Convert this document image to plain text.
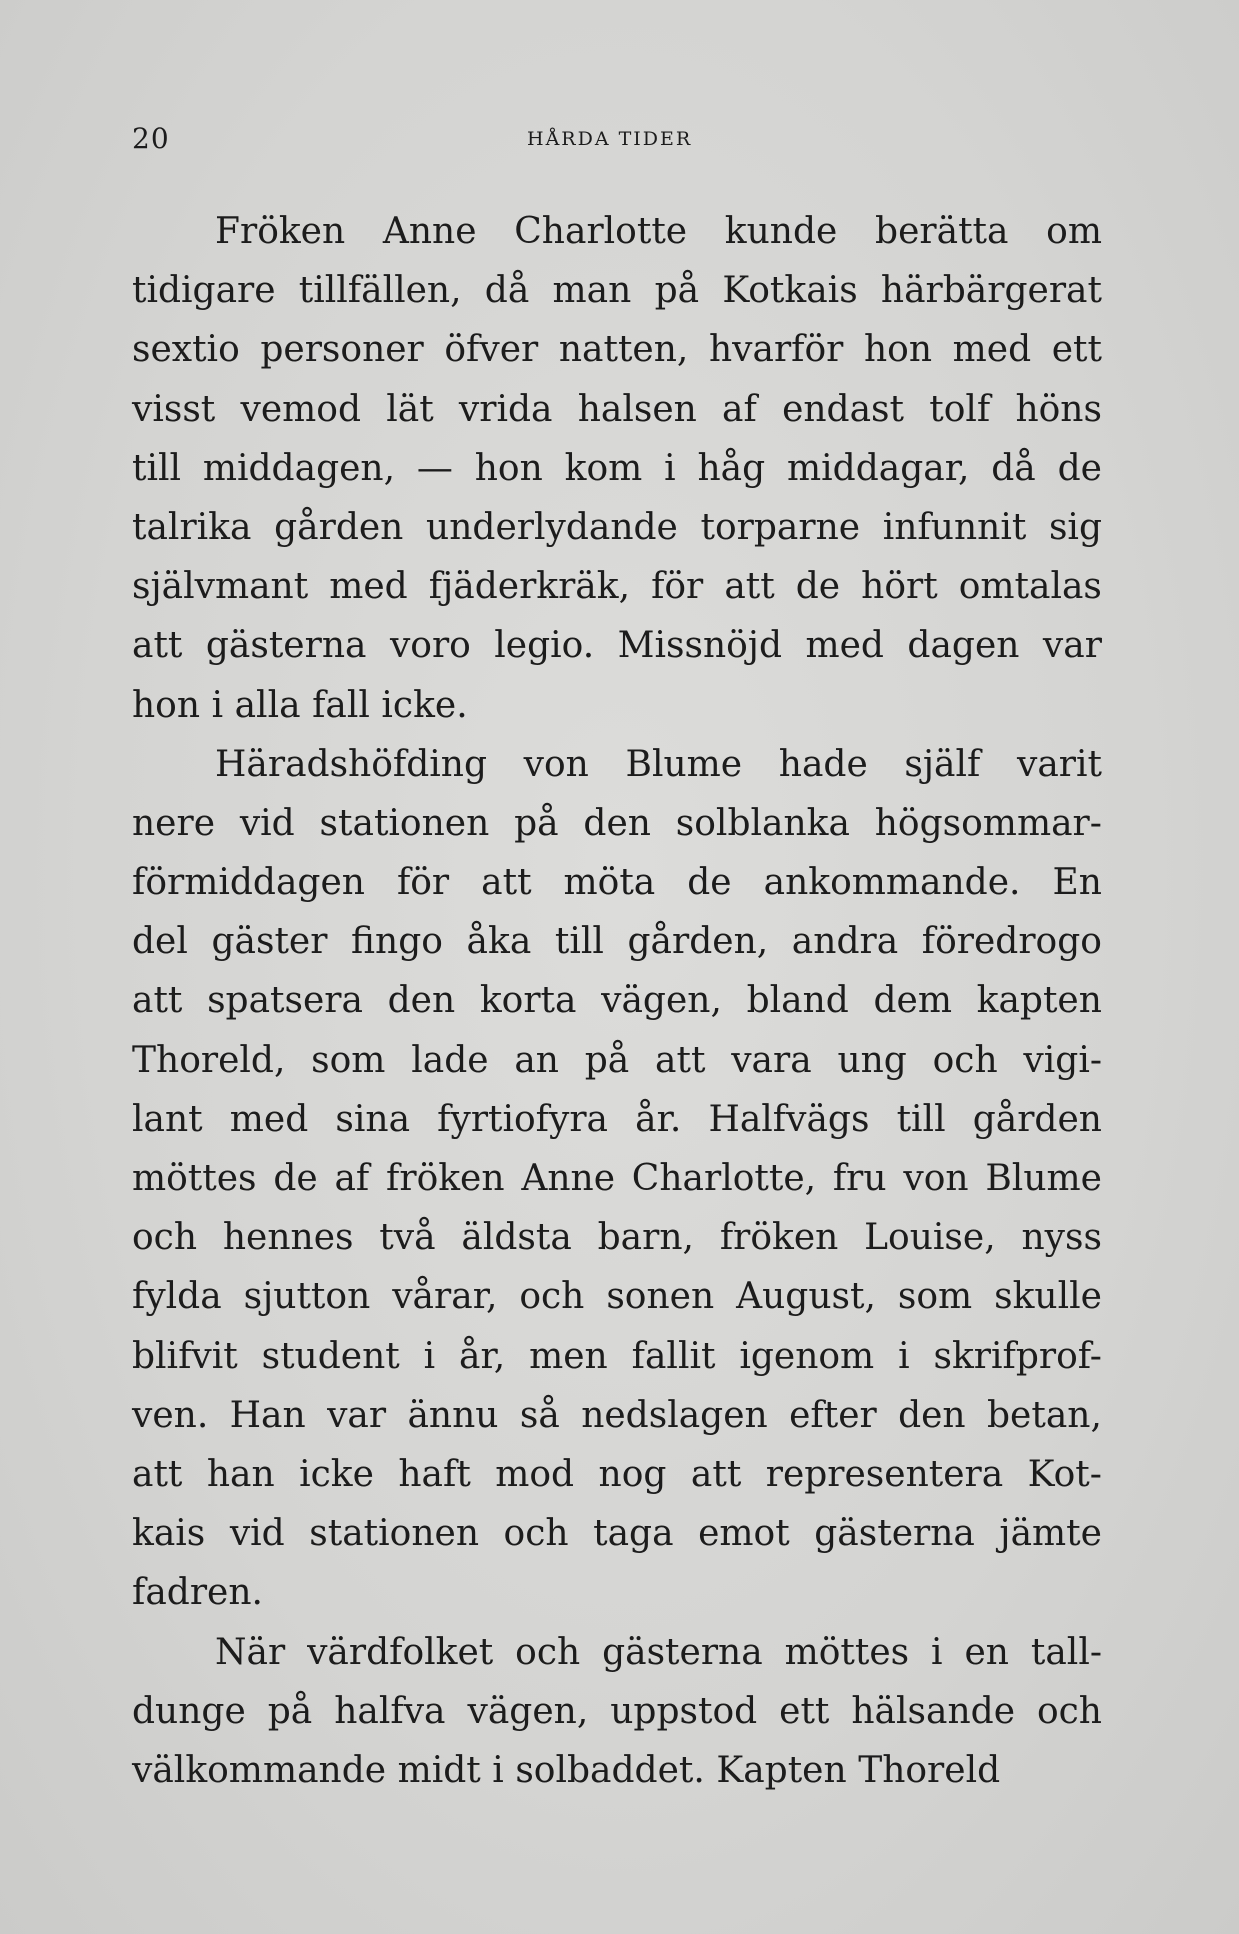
20	HÅRDA TIDER
Fröken Anne Charlotte kunde berätta om
tidigare tillfällen, då man på Kotkais härbärgerat
sextio personer öfver natten, hvarför hon med ett
visst vemod lät vrida halsen af endast tolf höns
till middagen, — hon kom i håg middagar, då de
talrika gården underlydande torparne infunnit sig
självmant med fjäderkräk, för att de hört omtalas
att gästerna voro legio. Missnöjd med dagen var
hon i alla fall icke.
Häradshöfding von Blume hade själf varit
nere vid stationen på den solblanka högsommar-
förmiddagen för att möta de ankommande. En
del gäster fingo åka till gården, andra föredrogo
att spatsera den korta vägen, bland dem kapten
Thoreld, som lade an på att vara ung och vigi-
lant med sina fyrtiofyra år. Halfvägs till gården
möttes de af fröken Anne Charlotte, fru von Blume
och hennes två äldsta barn, fröken Louise, nyss
fylda sjutton vårar, och sonen August, som skulle
blifvit student i år, men fallit igenom i skrifprof-
ven. Han var ännu så nedslagen efter den betan,
att han icke haft mod nog att representera Kot-
kais vid stationen och taga emot gästerna jämte
fadren.
När värdfolket och gästerna möttes i en tall-
dunge på halfva vägen, uppstod ett hälsande och
välkommande midt i solbaddet. Kapten Thoreld
